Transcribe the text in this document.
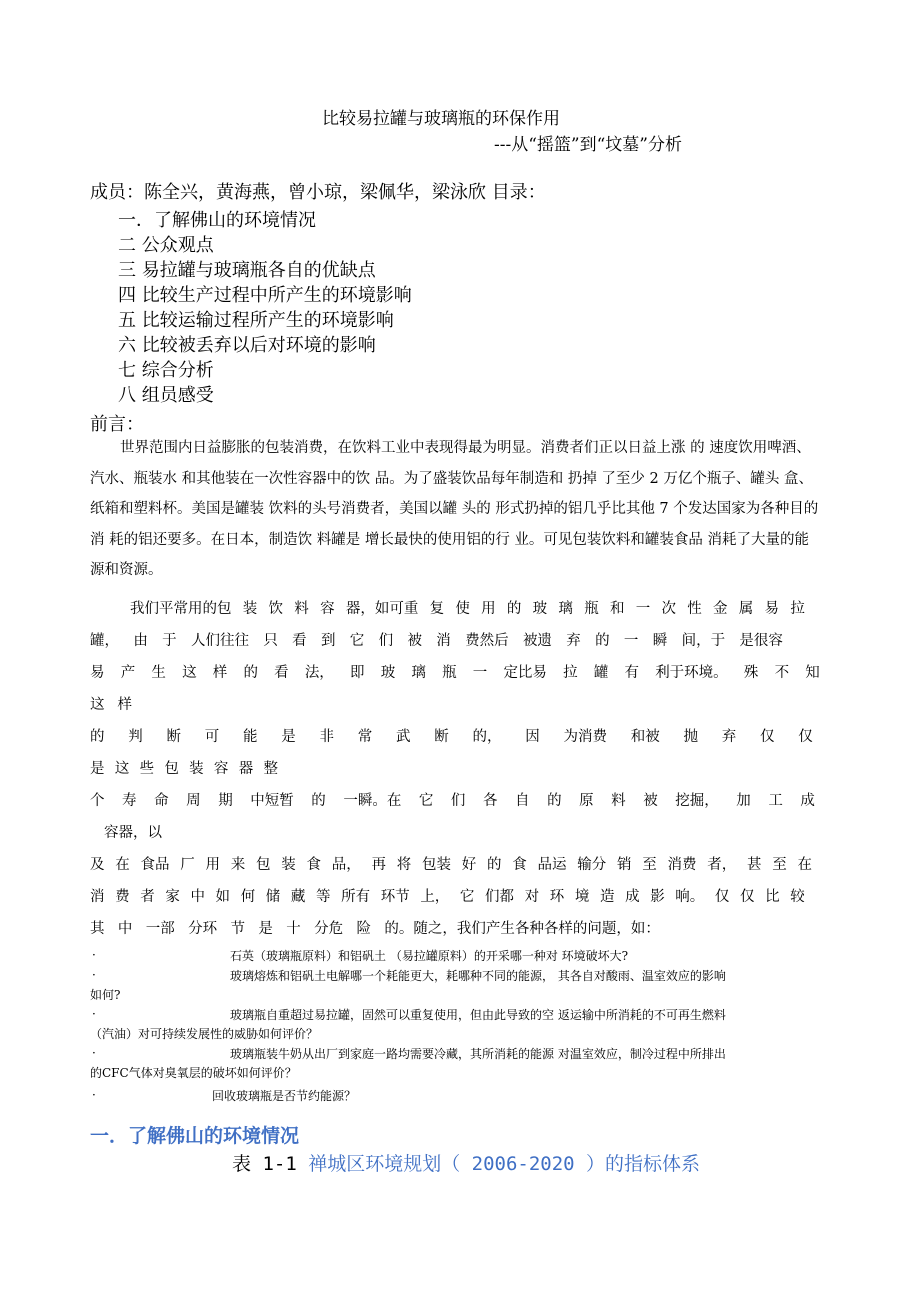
比较易拉罐与玻璃瓶的环保作用
---从“摇篮”到“坟墓”分析
成员：陈全兴，黄海燕，曾小琼，梁佩华，梁泳欣 目录：
一．了解佛山的环境情况
二 公众观点
三 易拉罐与玻璃瓶各自的优缺点
四 比较生产过程中所产生的环境影响
五 比较运输过程所产生的环境影响
六 比较被丢弃以后对环境的影响
七 综合分析
八 组员感受
前言：
世界范围内日益膨胀的包装消费，在饮料工业中表现得最为明显。消费者们正以日益上涨 的 速度饮用啤酒、汽水、瓶装水 和其他装在一次性容器中的饮 品。为了盛装饮品每年制造和 扔掉 了至少 2 万亿个瓶子、罐头 盒、纸箱和塑料杯。美国是罐装 饮料的头号消费者，美国以罐 头的 形式扔掉的铝几乎比其他 7 个发达国家为各种目的消 耗的铝还要多。在日本，制造饮 料罐是 增长最快的使用铝的行 业。可见包装饮料和罐装食品 消耗了大量的能源和资源。
我们平常用的包 装 饮 料 容 器，如可重 复 使 用 的 玻 璃 瓶 和 一 次 性 金 属 易 拉
罐， 由 于 人们往往 只 看 到 它 们 被 消 费然后 被遗 弃 的 一 瞬 间，于 是很容
易 产 生 这 样 的 看 法， 即 玻 璃 瓶 一 定比易 拉 罐 有 利于环境。 殊 不 知
这 样
的 判 断 可 能 是 非 常 武 断 的， 因 为消费 和被 抛 弃 仅 仅
是 这 些 包 装 容 器 整
个 寿 命 周 期 中短暂 的 一瞬。在 它 们 各 自 的 原 料 被 挖掘， 加 工 成
容器，以
及 在 食品 厂 用 来 包 装 食 品， 再 将 包装 好 的 食 品运 输分 销 至 消费 者， 甚 至 在
消 费 者 家 中 如 何 储 藏 等 所有 环节 上， 它 们都 对 环 境 造 成 影 响。 仅 仅 比 较
其 中 一部 分环 节 是 十 分危 险 的。随之，我们产生各种各样的问题，如：
·	石英（玻璃瓶原料）和铝矾土 （易拉罐原料）的开采哪一种对 环境破坏大?
·	玻璃熔炼和铝矾土电解哪一个耗能更大，耗哪种不同的能源， 其各自对酸雨、温室效应的影响
如何?
·	玻璃瓶自重超过易拉罐，固然可以重复使用，但由此导致的空 返运输中所消耗的不可再生燃料
（汽油）对可持续发展性的威胁如何评价？
·	玻璃瓶装牛奶从出厂到家庭一路均需要冷藏，其所消耗的能源 对温室效应，制冷过程中所排出
的CFC气体对臭氧层的破坏如何评价？
·	回收玻璃瓶是否节约能源？
一．了解佛山的环境情况
表 1-1 禅城区环境规划（ 2006-2020 ）的指标体系
